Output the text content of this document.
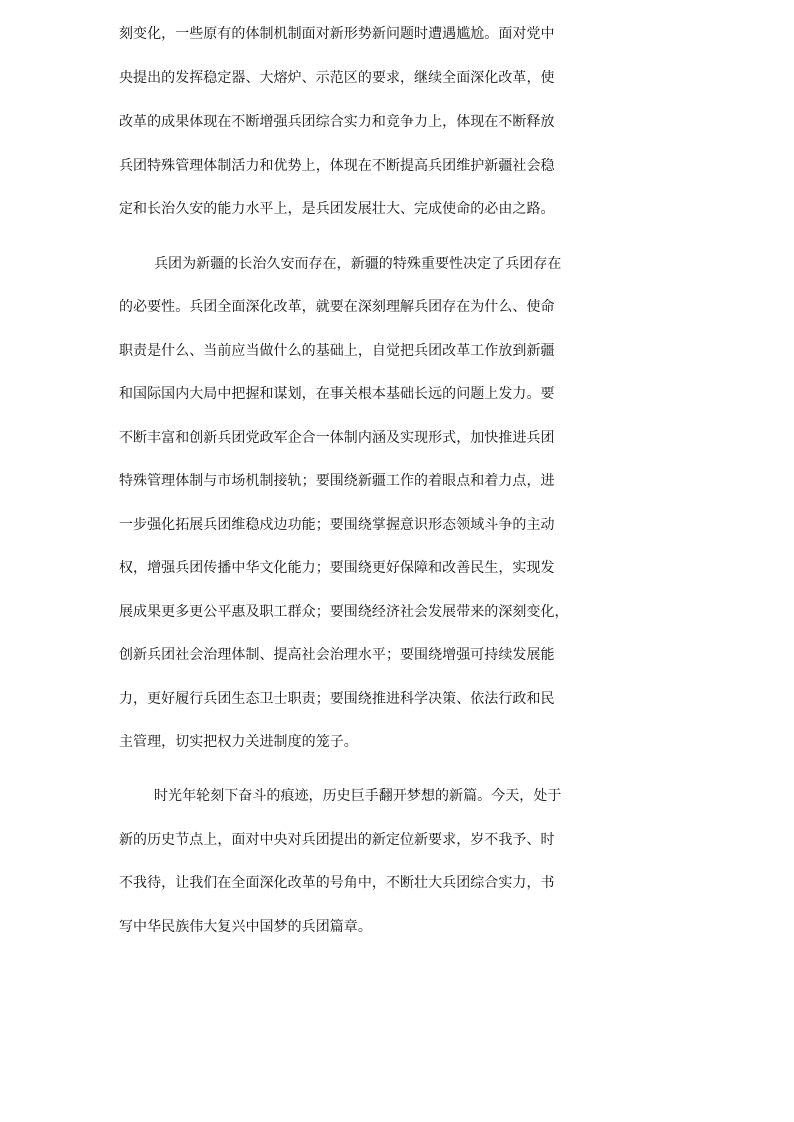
刻变化，一些原有的体制机制面对新形势新问题时遭遇尴尬。面对党中

央提出的发挥稳定器、大熔炉、示范区的要求，继续全面深化改革，使

改革的成果体现在不断增强兵团综合实力和竞争力上，体现在不断释放

兵团特殊管理体制活力和优势上，体现在不断提高兵团维护新疆社会稳

定和长治久安的能力水平上，是兵团发展壮大、完成使命的必由之路。

兵团为新疆的长治久安而存在，新疆的特殊重要性决定了兵团存在

的必要性。兵团全面深化改革，就要在深刻理解兵团存在为什么、使命

职责是什么、当前应当做什么的基础上，自觉把兵团改革工作放到新疆

和国际国内大局中把握和谋划，在事关根本基础长远的问题上发力。要

不断丰富和创新兵团党政军企合一体制内涵及实现形式，加快推进兵团

特殊管理体制与市场机制接轨；要围绕新疆工作的着眼点和着力点，进

一步强化拓展兵团维稳戍边功能；要围绕掌握意识形态领域斗争的主动

权，增强兵团传播中华文化能力；要围绕更好保障和改善民生，实现发

展成果更多更公平惠及职工群众；要围绕经济社会发展带来的深刻变化，

创新兵团社会治理体制、提高社会治理水平；要围绕增强可持续发展能

力，更好履行兵团生态卫士职责；要围绕推进科学决策、依法行政和民

主管理，切实把权力关进制度的笼子。

时光年轮刻下奋斗的痕迹，历史巨手翻开梦想的新篇。今天，处于

新的历史节点上，面对中央对兵团提出的新定位新要求，岁不我予、时

不我待，让我们在全面深化改革的号角中，不断壮大兵团综合实力，书

写中华民族伟大复兴中国梦的兵团篇章。
